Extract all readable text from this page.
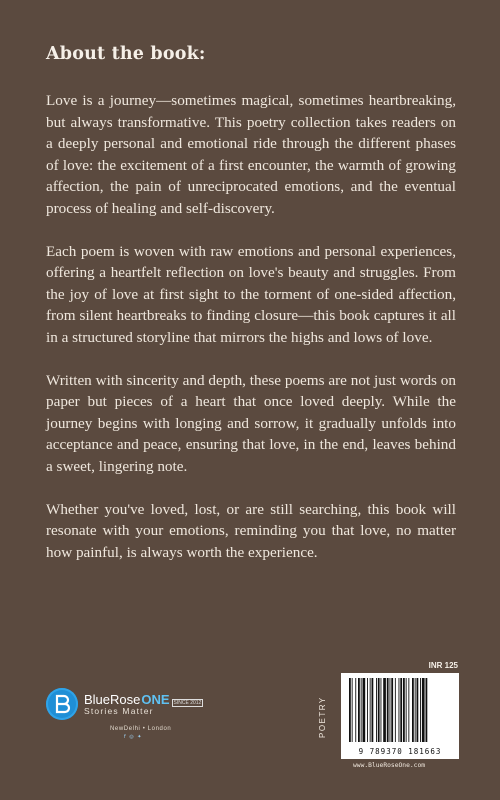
About the book:

Love is a journey—sometimes magical, sometimes heartbreaking, but always transformative. This poetry collection takes readers on a deeply personal and emotional ride through the different phases of love: the excitement of a first encounter, the warmth of growing affection, the pain of unreciprocated emotions, and the eventual process of healing and self-discovery.

Each poem is woven with raw emotions and personal experiences, offering a heartfelt reflection on love's beauty and struggles. From the joy of love at first sight to the torment of one-sided affection, from silent heartbreaks to finding closure—this book captures it all in a structured storyline that mirrors the highs and lows of love.

Written with sincerity and depth, these poems are not just words on paper but pieces of a heart that once loved deeply. While the journey begins with longing and sorrow, it gradually unfolds into acceptance and peace, ensuring that love, in the end, leaves behind a sweet, lingering note.

Whether you've loved, lost, or are still searching, this book will resonate with your emotions, reminding you that love, no matter how painful, is always worth the experience.

BlueRose ONE SINCE 2012
Stories Matter
NewDelhi • London
f ◎ ✦
INR 125
POETRY
9 789370 181663
www.BlueRoseOne.com
